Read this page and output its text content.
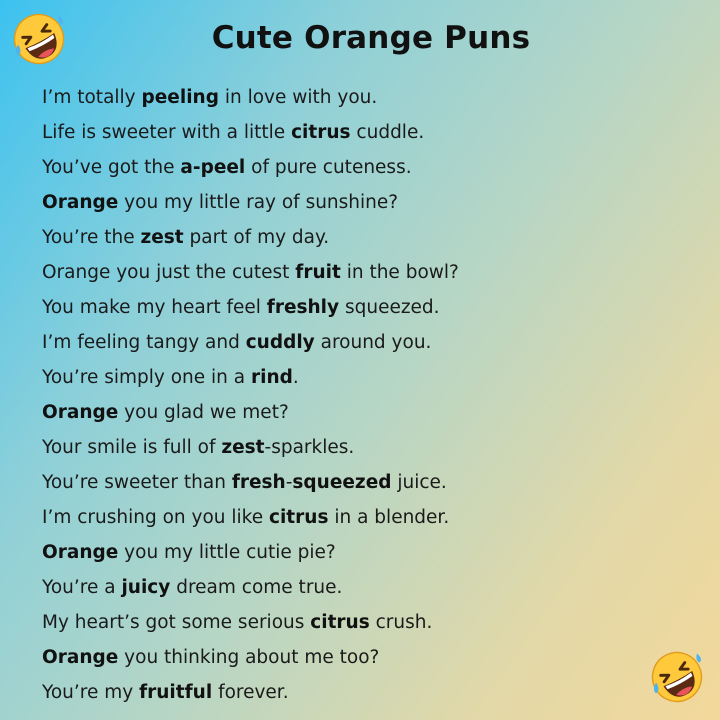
Cute Orange Puns
I’m totally peeling in love with you.
Life is sweeter with a little citrus cuddle.
You’ve got the a-peel of pure cuteness.
Orange you my little ray of sunshine?
You’re the zest part of my day.
Orange you just the cutest fruit in the bowl?
You make my heart feel freshly squeezed.
I’m feeling tangy and cuddly around you.
You’re simply one in a rind.
Orange you glad we met?
Your smile is full of zest-sparkles.
You’re sweeter than fresh-squeezed juice.
I’m crushing on you like citrus in a blender.
Orange you my little cutie pie?
You’re a juicy dream come true.
My heart’s got some serious citrus crush.
Orange you thinking about me too?
You’re my fruitful forever.
